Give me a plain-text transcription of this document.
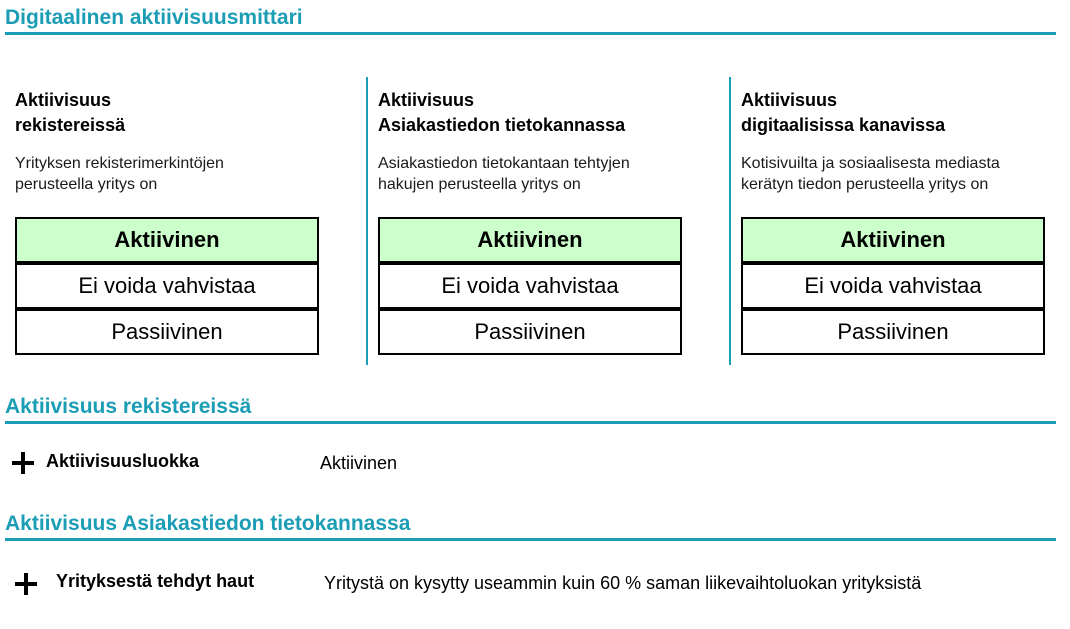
Digitaalinen aktiivisuusmittari
Aktiivisuus
rekistereissä
Yrityksen rekisterimerkintöjen
perusteella yritys on
Aktiivinen
Ei voida vahvistaa
Passiivinen
Aktiivisuus
Asiakastiedon tietokannassa
Asiakastiedon tietokantaan tehtyjen
hakujen perusteella yritys on
Aktiivinen
Ei voida vahvistaa
Passiivinen
Aktiivisuus
digitaalisissa kanavissa
Kotisivuilta ja sosiaalisesta mediasta
kerätyn tiedon perusteella yritys on
Aktiivinen
Ei voida vahvistaa
Passiivinen
Aktiivisuus rekistereissä
Aktiivisuusluokka	Aktiivinen
Aktiivisuus Asiakastiedon tietokannassa
Yrityksestä tehdyt haut	Yritystä on kysytty useammin kuin 60 % saman liikevaihtoluokan yrityksistä
